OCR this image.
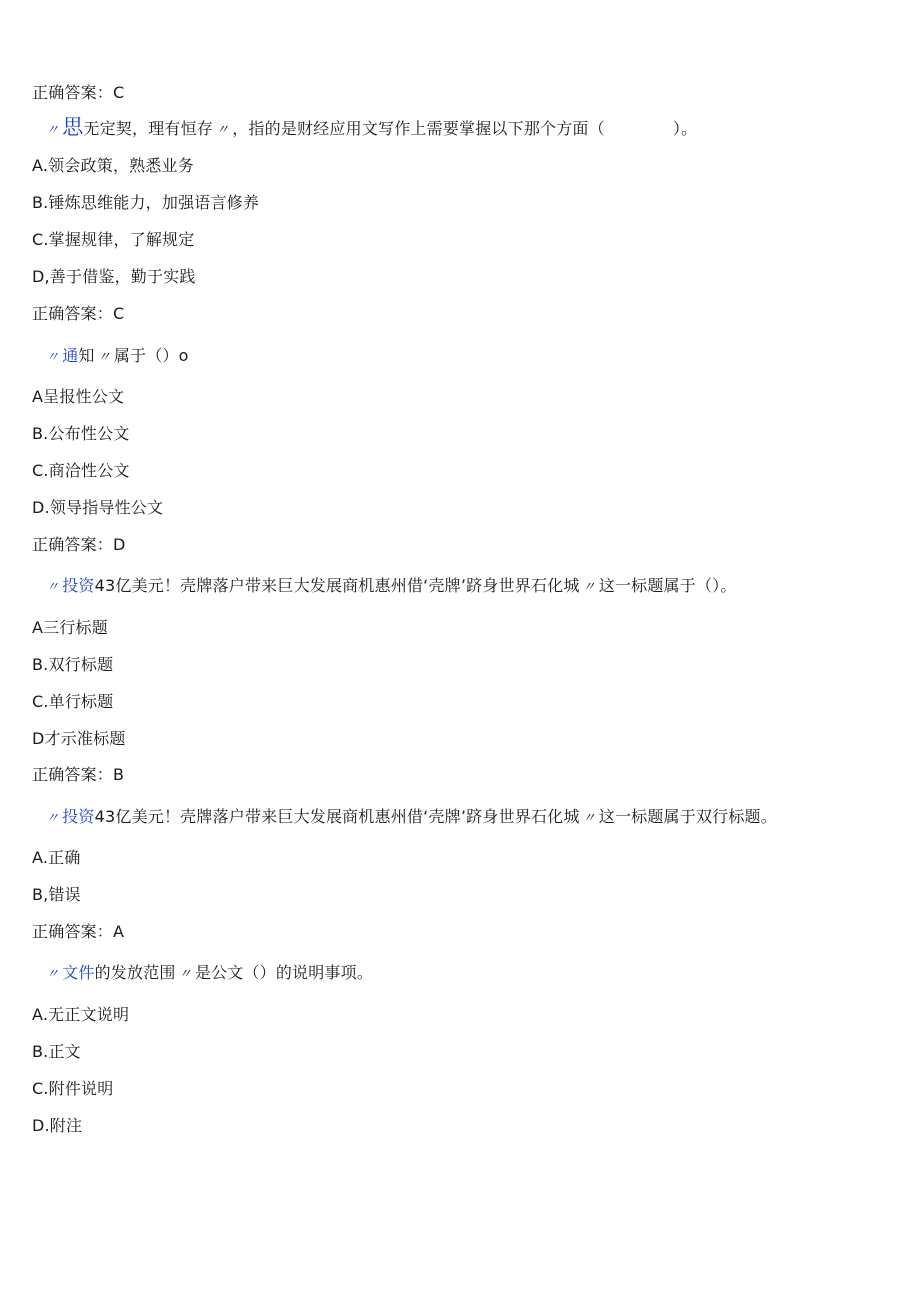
正确答案：C
〃 思无定契，理有恒存 〃 ，指的是财经应用文写作上需要掌握以下那个方面（	）。
A.领会政策，熟悉业务
B.锤炼思维能力，加强语言修养
C.掌握规律，了解规定
D,善于借鉴，勤于实践
正确答案：C
〃 通知 〃 属于（）o
A呈报性公文
B.公布性公文
C.商洽性公文
D.领导指导性公文
正确答案：D
〃 投资43亿美元！壳牌落户带来巨大发展商机惠州借‘壳牌’跻身世界石化城 〃 这一标题属于（）。
A三行标题
B.双行标题
C.单行标题
D才示准标题
正确答案：B
〃 投资43亿美元！壳牌落户带来巨大发展商机惠州借‘壳牌’跻身世界石化城 〃 这一标题属于双行标题。
A.正确
B,错误
正确答案：A
〃 文件的发放范围 〃 是公文（）的说明事项。
A.无正文说明
B.正文
C.附件说明
D.附注
